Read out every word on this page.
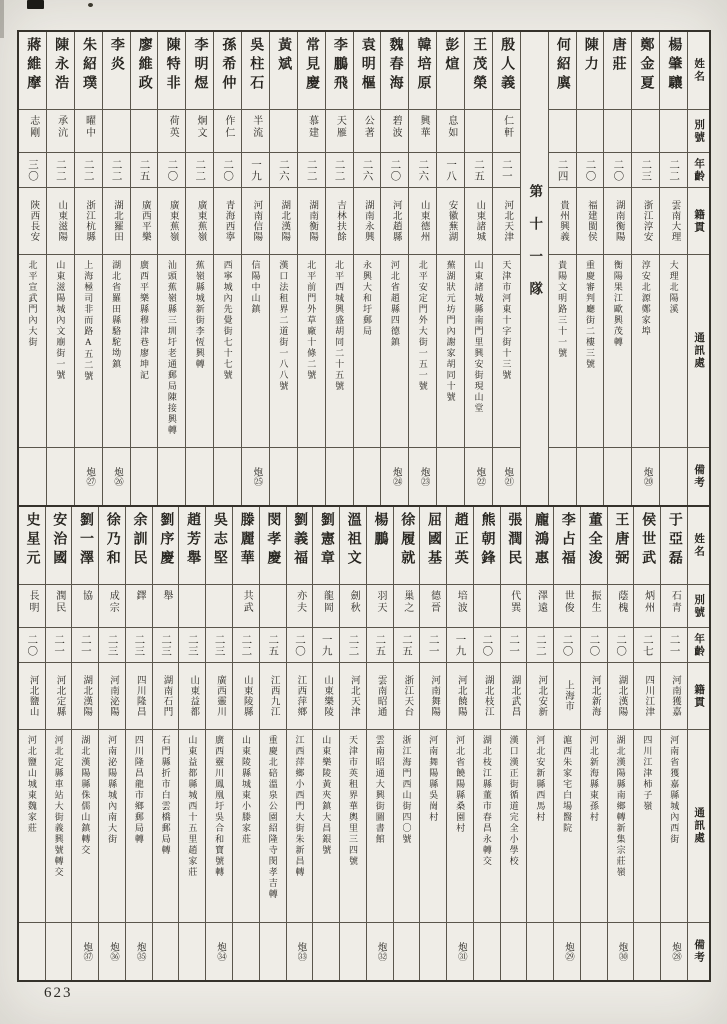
姓名
別號
年齡
籍貫
通訊處
備考
楊肇驤
二二
雲南大理
大理北陽溪
鄭金夏
二三
浙江淳安
淳安北源鄭家埠
炮⑳
唐莊
二〇
湖南衡陽
衡陽果江歐興茂轉
陳力
二〇
福建閩侯
重慶審判廳街二樓三號
何紹廙
二四
貴州興義
貴陽文明路三十一號
第十一隊
殷人義
仁軒
二一
河北天津
天津市河東十字街十三號
炮㉑
王茂榮
二五
山東諸城
山東諸城縣南門里興安街現山堂
炮㉒
彭煊
息如
一八
安徽蕪湖
蕪湖狀元坊門內謝家胡同十號
韓培原
興華
二六
山東德州
北平安定門外大街一五一號
炮㉓
魏春海
碧波
二〇
河北趙縣
河北省趙縣四德鎮
炮㉔
袁明樞
公著
二六
湖南永興
永興大和圩郵局
李鵬飛
天雁
二二
吉林扶餘
北平西城興盛胡同二十五號
常見慶
慕建
二二
湖南衡陽
北平前門外草廠十條二號
黃斌
二六
湖北漢陽
漢口法租界二道街一八八號
吳柱石
半流
一九
河南信陽
信陽中山鎮
炮㉕
孫希仲
作仁
二〇
青海西寧
西寧城內先覺街七十七號
李明煜
炯文
二二
廣東蕉嶺
蕉嶺縣城新街李恆興轉
陳特非
荷英
二〇
廣東蕉嶺
汕頭蕉嶺縣三圳圩老通郵局陳接興轉
廖維政
二五
廣西平樂
廣西平樂縣穆津巷廖坤記
李炎
二二
湖北羅田
湖北省羅田縣駱駝坳鎮
炮㉖
朱紹璞
曜中
二二
浙江杭縣
上海極司非而路A五二號
炮㉗
陳永浩
承沆
二二
山東滋陽
山東滋陽城內文廟街一號
蔣維摩
志剛
三〇
陝西長安
北平宣武門內大街
姓名
別號
年齡
籍貫
通訊處
備考
于亞磊
石青
二一
河南獲嘉
河南省獲嘉縣城內西街
炮㉘
侯世武
炳州
二七
四川江津
四川江津柿子嶺
王唐弼
蔭槐
二〇
湖北漢陽
湖北漢陽縣南鄉轉新集宗莊嶺
炮㉚
董全浚
振生
二〇
河北新海
河北新海縣東孫村
李占福
世俊
二〇
上海市
滬西朱家宅白場醫院
炮㉙
龐鴻惠
澤遠
二二
河北安新
河北安新縣西馬村
張潤民
代巽
二一
湖北武昌
漢口漢正街循道完全小學校
熊朝鋒
二〇
湖北枝江
湖北枝江縣董市春昌永轉交
趙正英
培波
一九
河北饒陽
河北省饒陽縣桑園村
炮㉛
屈國基
德晉
二一
河南舞陽
河南舞陽縣吳崗村
徐履就
巢之
二五
浙江天台
浙江海門西山街四〇號
楊鵬
羽天
二五
雲南昭通
雲南昭通大興街圖書館
炮㉜
溫祖文
劍秋
二二
河北天津
天津市英租界華輿里三四號
劉憲章
龍岡
一九
山東樂陵
山東樂陵黃夾鎮大昌銀號
劉義福
亦夫
二〇
江西萍鄉
江西萍鄉小西門大街朱新昌轉
炮㉝
閔孝慶
二五
江西九江
重慶北碚溫泉公園紹隆寺閔孝吉轉
滕麗華
共武
二二
山東陵縣
山東陵縣城東小滕家莊
吳志堅
二三
廣西靈川
廣西靈川鳳凰圩吳合和寶號轉
炮㉞
趙芳舉
二三
山東益都
山東益都縣城西十五里趙家莊
劉序慶
舉
二三
湖南石門
石門縣折市白雲橋郵局轉
余訓民
鐸
二三
四川隆昌
四川隆昌龍市鄉郵局轉
炮㉟
徐乃和
成宗
二三
河南泌陽
河南泌陽縣城內南大街
炮㊱
劉一澤
協
二一
湖北漢陽
湖北漢陽縣侏儒山鎮轉交
炮㊲
安治國
潤民
二一
河北定縣
河北定縣車站大街義興號轉交
史星元
長明
二〇
河北鹽山
河北鹽山城東魏家莊
623
